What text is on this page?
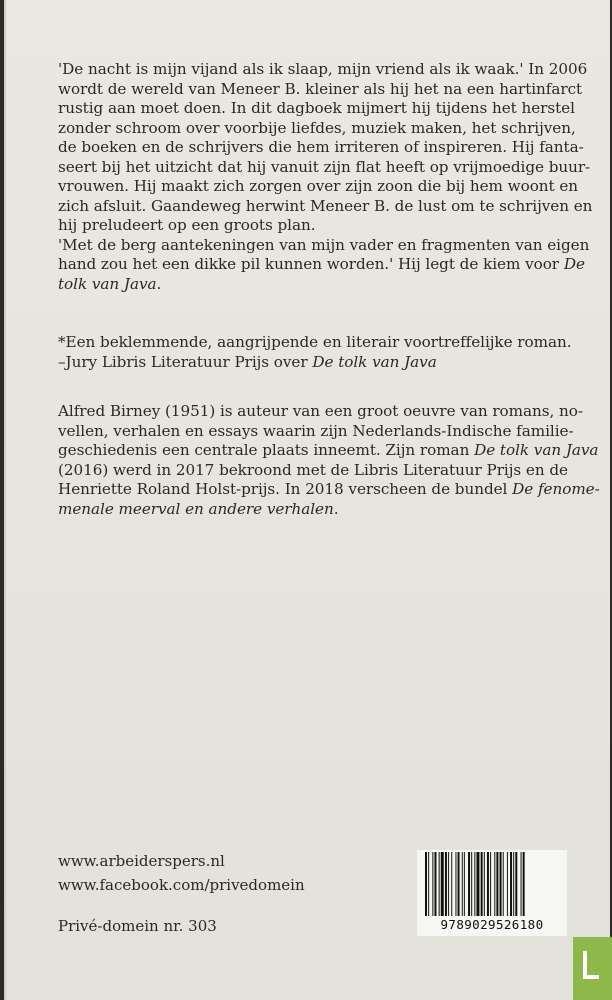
'De nacht is mijn vijand als ik slaap, mijn vriend als ik waak.' In 2006
wordt de wereld van Meneer B. kleiner als hij het na een hartinfarct
rustig aan moet doen. In dit dagboek mijmert hij tijdens het herstel
zonder schroom over voorbije liefdes, muziek maken, het schrijven,
de boeken en de schrijvers die hem irriteren of inspireren. Hij fanta-
seert bij het uitzicht dat hij vanuit zijn flat heeft op vrijmoedige buur-
vrouwen. Hij maakt zich zorgen over zijn zoon die bij hem woont en
zich afsluit. Gaandeweg herwint Meneer B. de lust om te schrijven en
hij preludeert op een groots plan.
'Met de berg aantekeningen van mijn vader en fragmenten van eigen
hand zou het een dikke pil kunnen worden.' Hij legt de kiem voor De
tolk van Java.
*Een beklemmende, aangrijpende en literair voortreffelijke roman.
–Jury Libris Literatuur Prijs over De tolk van Java
Alfred Birney (1951) is auteur van een groot oeuvre van romans, no-
vellen, verhalen en essays waarin zijn Nederlands-Indische familie-
geschiedenis een centrale plaats inneemt. Zijn roman De tolk van Java
(2016) werd in 2017 bekroond met de Libris Literatuur Prijs en de
Henriette Roland Holst-prijs. In 2018 verscheen de bundel De fenome-
menale meerval en andere verhalen.
www.arbeiderspers.nl
www.facebook.com/privedomein
Privé-domein nr. 303	9789029526180
